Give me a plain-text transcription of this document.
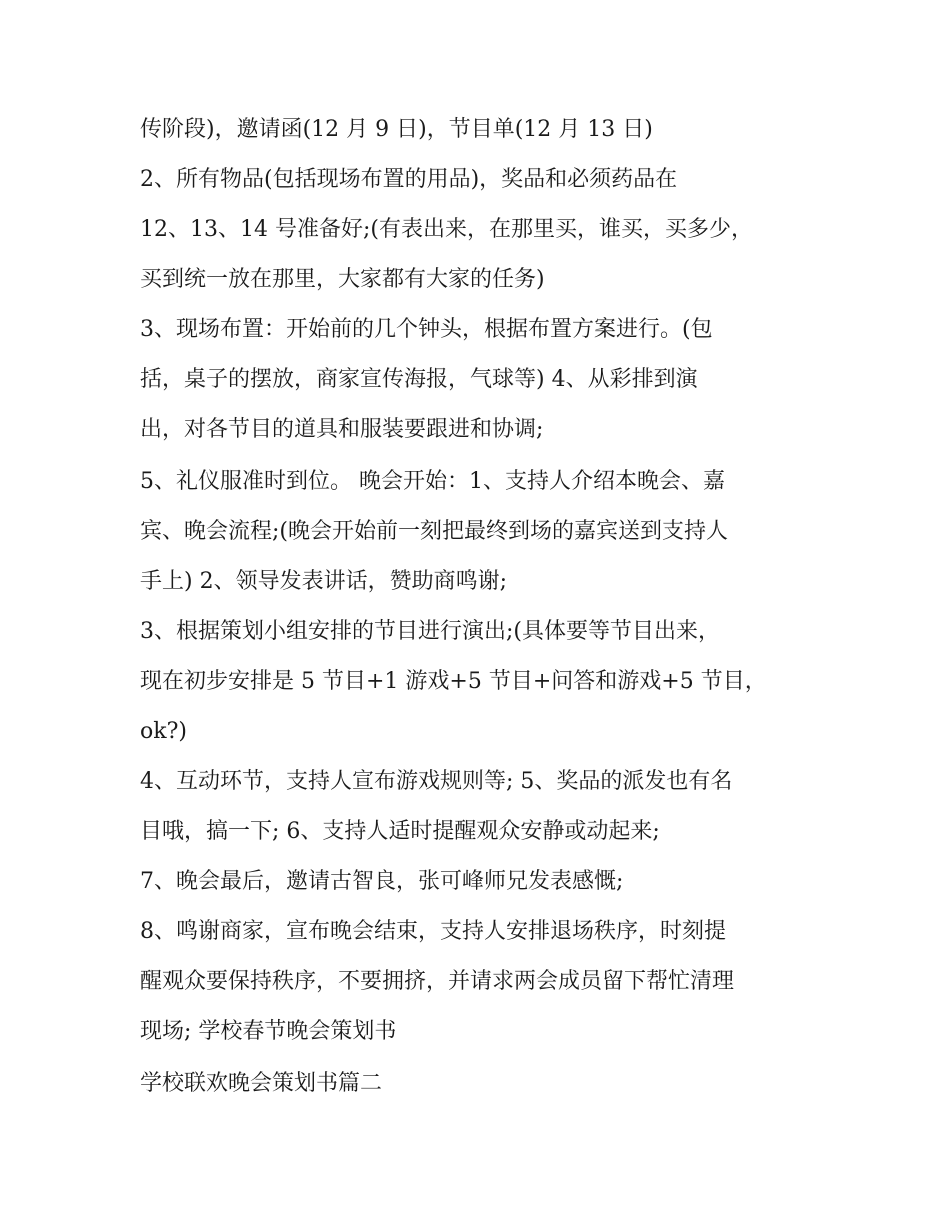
传阶段)，邀请函(12 月 9 日)，节目单(12 月 13 日)
2、所有物品(包括现场布置的用品)，奖品和必须药品在
12、13、14 号准备好;(有表出来，在那里买，谁买，买多少，
买到统一放在那里，大家都有大家的任务)
3、现场布置：开始前的几个钟头，根据布置方案进行。(包
括，桌子的摆放，商家宣传海报，气球等) 4、从彩排到演
出，对各节目的道具和服装要跟进和协调;
5、礼仪服准时到位。 晚会开始：1、支持人介绍本晚会、嘉
宾、晚会流程;(晚会开始前一刻把最终到场的嘉宾送到支持人
手上) 2、领导发表讲话，赞助商鸣谢;
3、根据策划小组安排的节目进行演出;(具体要等节目出来，
现在初步安排是 5 节目+1 游戏+5 节目+问答和游戏+5 节目，
ok?)
4、互动环节，支持人宣布游戏规则等; 5、奖品的派发也有名
目哦，搞一下; 6、支持人适时提醒观众安静或动起来;
7、晚会最后，邀请古智良，张可峰师兄发表感慨;
8、鸣谢商家，宣布晚会结束，支持人安排退场秩序，时刻提
醒观众要保持秩序，不要拥挤，并请求两会成员留下帮忙清理
现场; 学校春节晚会策划书
学校联欢晚会策划书篇二
